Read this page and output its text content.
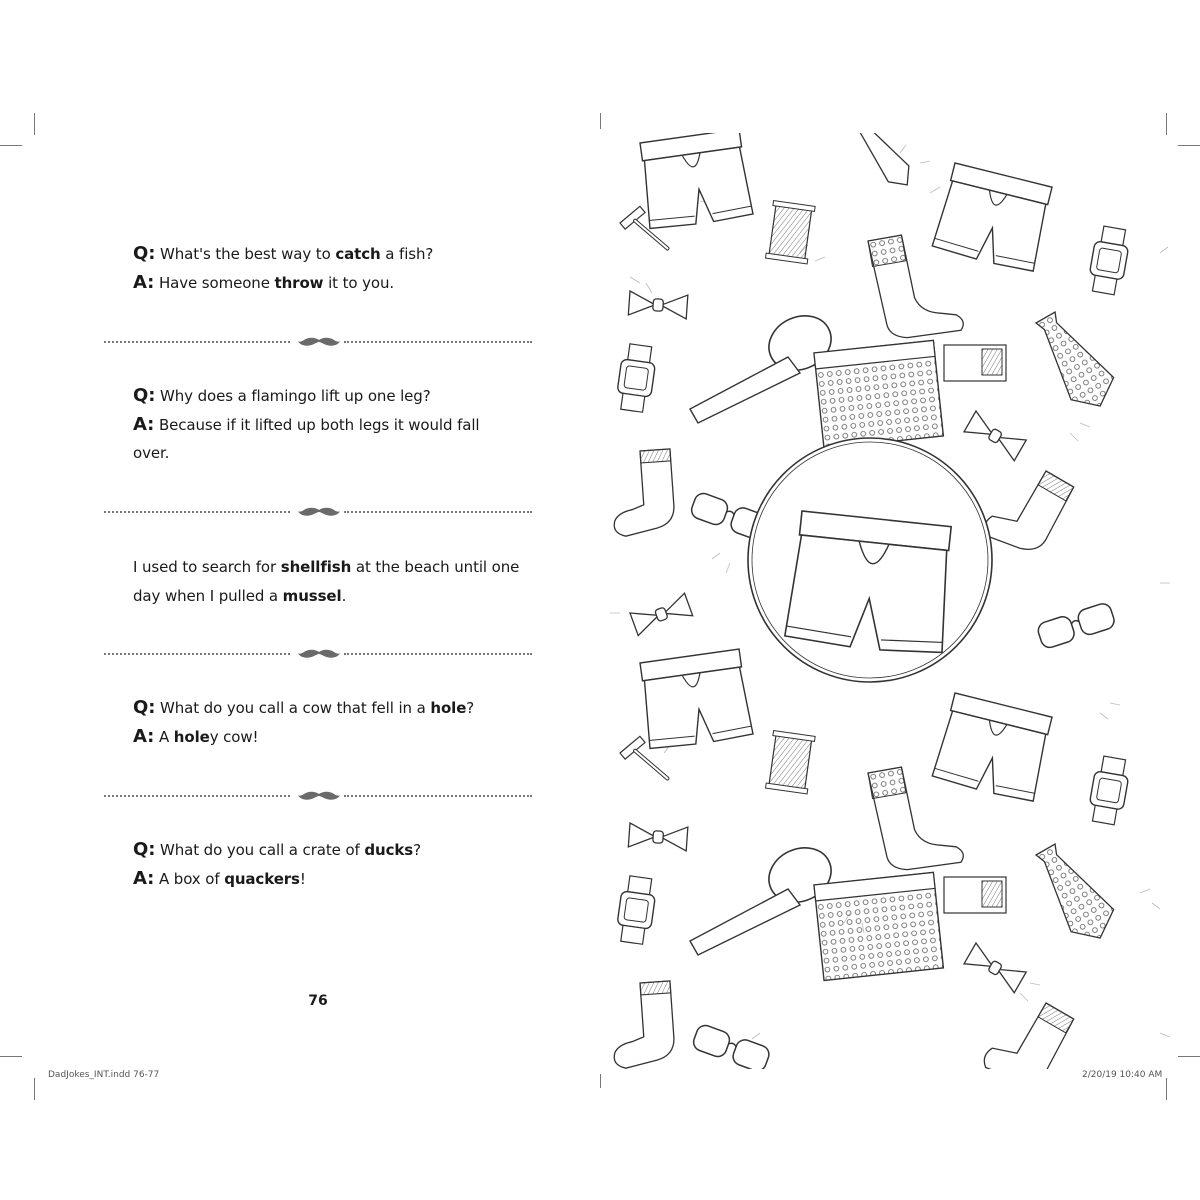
Q: What's the best way to catch a fish?
A: Have someone throw it to you.
Q: Why does a flamingo lift up one leg?
A: Because if it lifted up both legs it would fall
over.
I used to search for shellfish at the beach until one
day when I pulled a mussel.
Q: What do you call a cow that fell in a hole?
A: A holey cow!
Q: What do you call a crate of ducks?
A: A box of quackers!
76
DadJokes_INT.indd 76-77	2/20/19 10:40 AM
